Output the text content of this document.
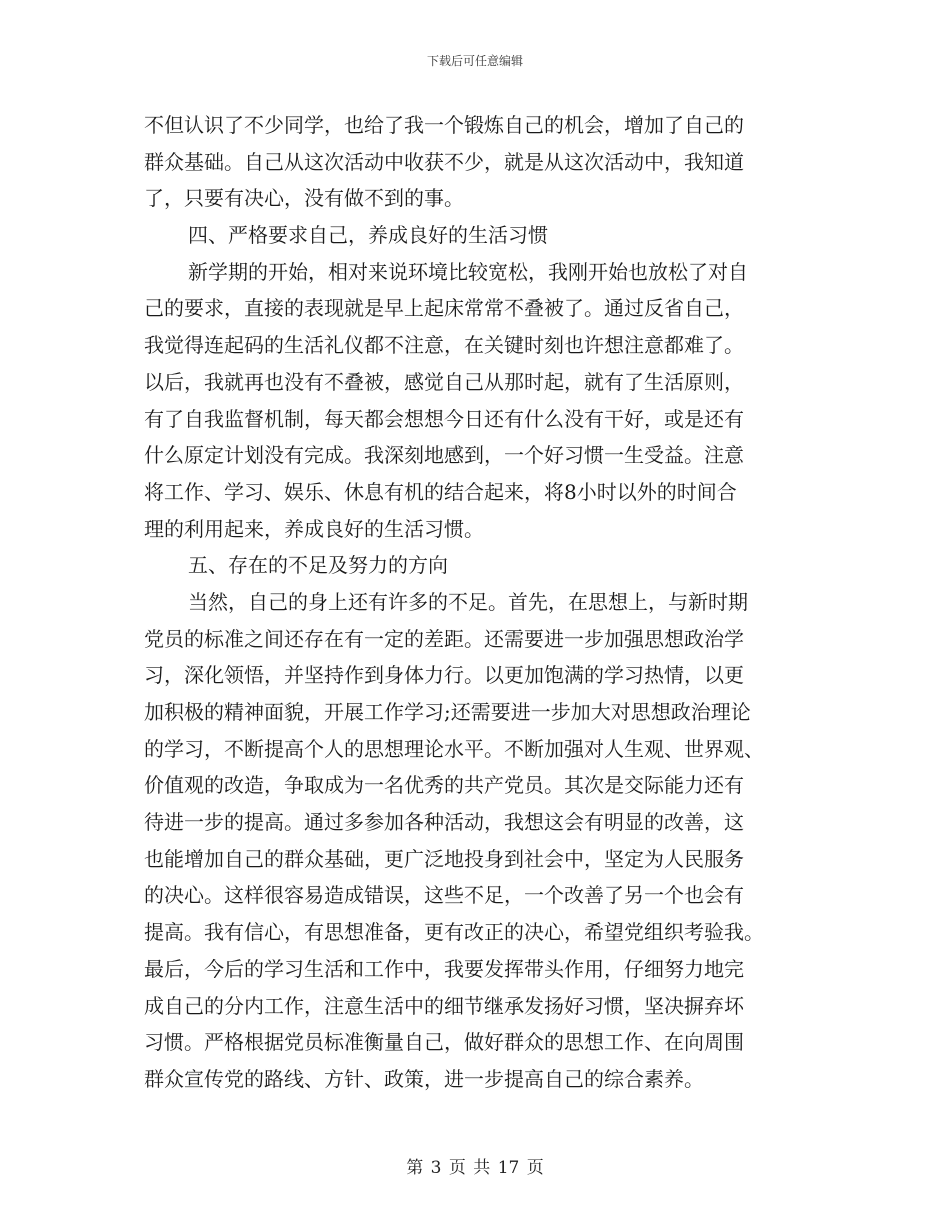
下载后可任意编辑
不但认识了不少同学，也给了我一个锻炼自己的机会，增加了自己的
群众基础。自己从这次活动中收获不少，就是从这次活动中，我知道
了，只要有决心，没有做不到的事。
四、严格要求自己，养成良好的生活习惯
新学期的开始，相对来说环境比较宽松，我刚开始也放松了对自
己的要求，直接的表现就是早上起床常常不叠被了。通过反省自己，
我觉得连起码的生活礼仪都不注意，在关键时刻也许想注意都难了。
以后，我就再也没有不叠被，感觉自己从那时起，就有了生活原则，
有了自我监督机制，每天都会想想今日还有什么没有干好，或是还有
什么原定计划没有完成。我深刻地感到，一个好习惯一生受益。注意
将工作、学习、娱乐、休息有机的结合起来，将8小时以外的时间合
理的利用起来，养成良好的生活习惯。
五、存在的不足及努力的方向
当然，自己的身上还有许多的不足。首先，在思想上，与新时期
党员的标准之间还存在有一定的差距。还需要进一步加强思想政治学
习，深化领悟，并坚持作到身体力行。以更加饱满的学习热情，以更
加积极的精神面貌，开展工作学习;还需要进一步加大对思想政治理论
的学习，不断提高个人的思想理论水平。不断加强对人生观、世界观、
价值观的改造，争取成为一名优秀的共产党员。其次是交际能力还有
待进一步的提高。通过多参加各种活动，我想这会有明显的改善，这
也能增加自己的群众基础，更广泛地投身到社会中，坚定为人民服务
的决心。这样很容易造成错误，这些不足，一个改善了另一个也会有
提高。我有信心，有思想准备，更有改正的决心，希望党组织考验我。
最后，今后的学习生活和工作中，我要发挥带头作用，仔细努力地完
成自己的分内工作，注意生活中的细节继承发扬好习惯，坚决摒弃坏
习惯。严格根据党员标准衡量自己，做好群众的思想工作、在向周围
群众宣传党的路线、方针、政策，进一步提高自己的综合素养。
第 3 页 共 17 页
